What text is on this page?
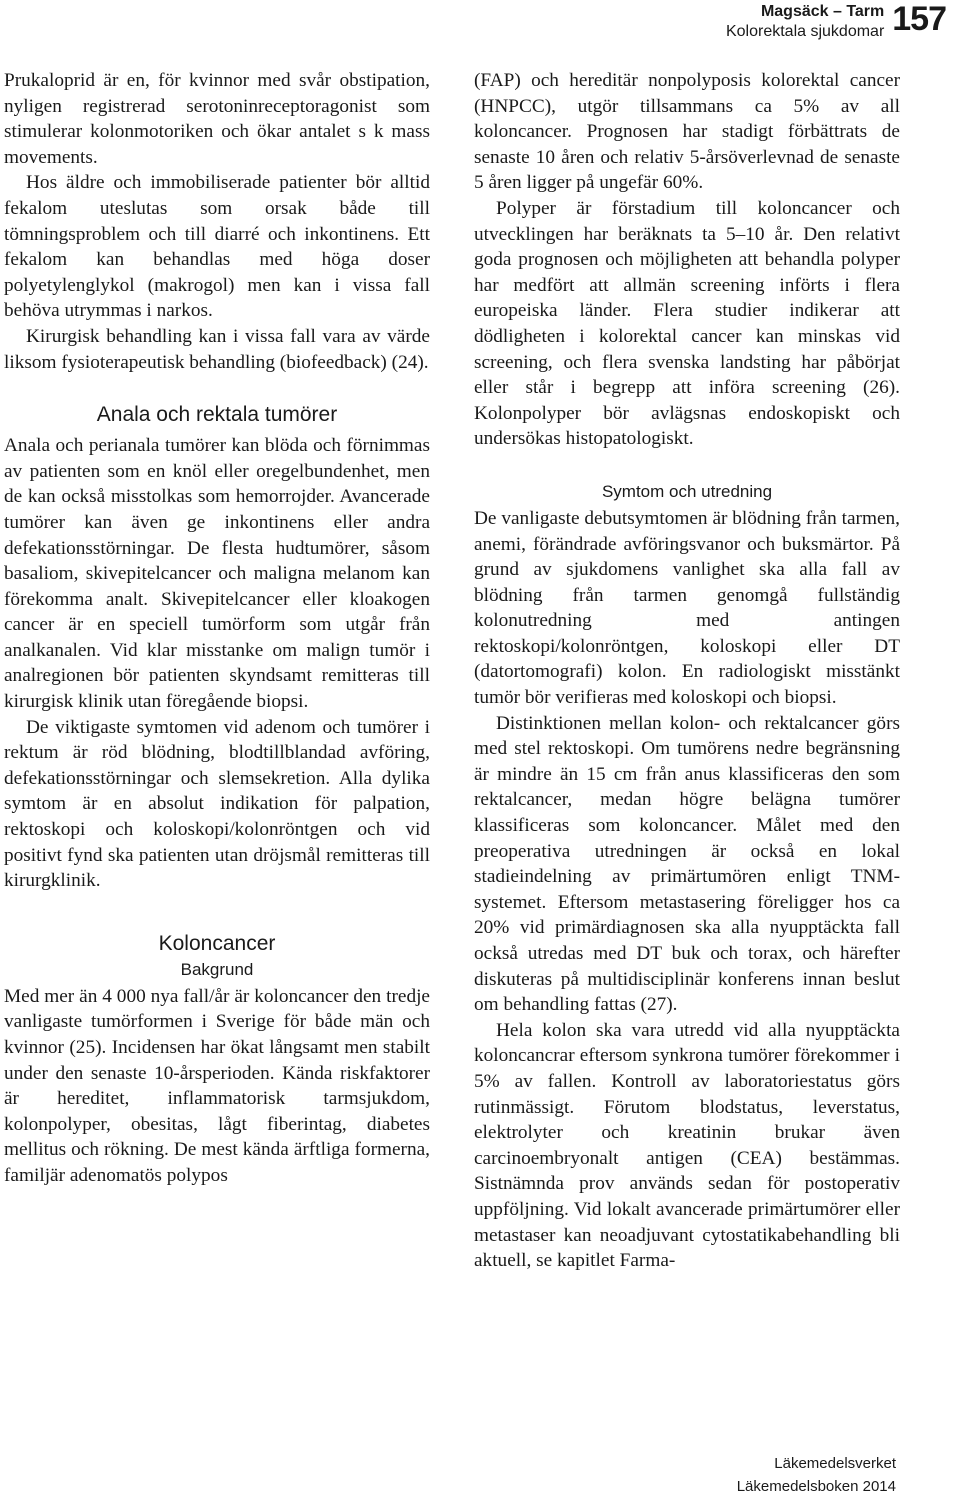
Magsäck – Tarm
Kolorektala sjukdomar 157

Prukaloprid är en, för kvinnor med svår obstipation, nyligen registrerad serotoninreceptoragonist som stimulerar kolonmotoriken och ökar antalet s k mass movements.

Hos äldre och immobiliserade patienter bör alltid fekalom uteslutas som orsak både till tömningsproblem och till diarré och inkontinens. Ett fekalom kan behandlas med höga doser polyetylenglykol (makrogol) men kan i vissa fall behöva utrymmas i narkos.

Kirurgisk behandling kan i vissa fall vara av värde liksom fysioterapeutisk behandling (biofeedback) (24).

Anala och rektala tumörer

Anala och perianala tumörer kan blöda och förnimmas av patienten som en knöl eller oregelbundenhet, men de kan också misstolkas som hemorrojder. Avancerade tumörer kan även ge inkontinens eller andra defekationsstörningar. De flesta hudtumörer, såsom basaliom, skivepitelcancer och maligna melanom kan förekomma analt. Skivepitelcancer eller kloakogen cancer är en speciell tumörform som utgår från analkanalen. Vid klar misstanke om malign tumör i analregionen bör patienten skyndsamt remitteras till kirurgisk klinik utan föregående biopsi.

De viktigaste symtomen vid adenom och tumörer i rektum är röd blödning, blodtillblandad avföring, defekationsstörningar och slemsekretion. Alla dylika symtom är en absolut indikation för palpation, rektoskopi och koloskopi/kolonröntgen och vid positivt fynd ska patienten utan dröjsmål remitteras till kirurgklinik.

Koloncancer
Bakgrund

Med mer än 4 000 nya fall/år är koloncancer den tredje vanligaste tumörformen i Sverige för både män och kvinnor (25). Incidensen har ökat långsamt men stabilt under den senaste 10-årsperioden. Kända riskfaktorer är hereditet, inflammatorisk tarmsjukdom, kolonpolyper, obesitas, lågt fiberintag, diabetes mellitus och rökning. De mest kända ärftliga formerna, familjär adenomatös polypos

(FAP) och hereditär nonpolyposis kolorektal cancer (HNPCC), utgör tillsammans ca 5% av all koloncancer. Prognosen har stadigt förbättrats de senaste 10 åren och relativ 5-årsöverlevnad de senaste 5 åren ligger på ungefär 60%.

Polyper är förstadium till koloncancer och utvecklingen har beräknats ta 5–10 år. Den relativt goda prognosen och möjligheten att behandla polyper har medfört att allmän screening införts i flera europeiska länder. Flera studier indikerar att dödligheten i kolorektal cancer kan minskas vid screening, och flera svenska landsting har påbörjat eller står i begrepp att införa screening (26). Kolonpolyper bör avlägsnas endoskopiskt och undersökas histopatologiskt.

Symtom och utredning

De vanligaste debutsymtomen är blödning från tarmen, anemi, förändrade avföringsvanor och buksmärtor. På grund av sjukdomens vanlighet ska alla fall av blödning från tarmen genomgå fullständig kolonutredning med antingen rektoskopi/kolonröntgen, koloskopi eller DT (datortomografi) kolon. En radiologiskt misstänkt tumör bör verifieras med koloskopi och biopsi.

Distinktionen mellan kolon- och rektalcancer görs med stel rektoskopi. Om tumörens nedre begränsning är mindre än 15 cm från anus klassificeras den som rektalcancer, medan högre belägna tumörer klassificeras som koloncancer. Målet med den preoperativa utredningen är också en lokal stadieindelning av primärtumören enligt TNM-systemet. Eftersom metastasering föreligger hos ca 20% vid primärdiagnosen ska alla nyupptäckta fall också utredas med DT buk och torax, och härefter diskuteras på multidisciplinär konferens innan beslut om behandling fattas (27).

Hela kolon ska vara utredd vid alla nyupptäckta koloncancrar eftersom synkrona tumörer förekommer i 5% av fallen. Kontroll av laboratoriestatus görs rutinmässigt. Förutom blodstatus, leverstatus, elektrolyter och kreatinin brukar även carcinoembryonalt antigen (CEA) bestämmas. Sistnämnda prov används sedan för postoperativ uppföljning. Vid lokalt avancerade primärtumörer eller metastaser kan neoadjuvant cytostatikabehandling bli aktuell, se kapitlet Farma-

Läkemedelsverket
Läkemedelsboken 2014
